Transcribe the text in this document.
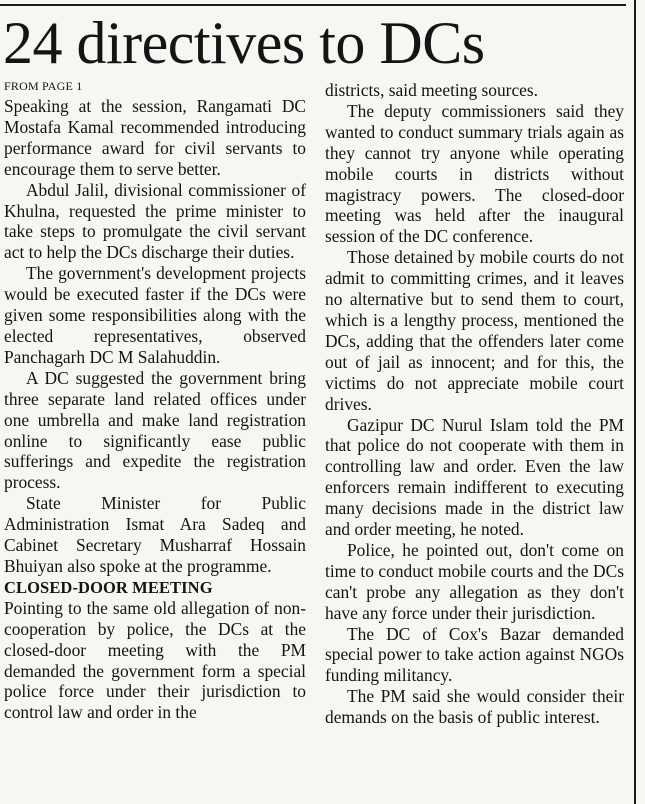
24 directives to DCs

FROM PAGE 1

Speaking at the session, Rangamati DC Mostafa Kamal recommended introducing performance award for civil servants to encourage them to serve better.

Abdul Jalil, divisional commissioner of Khulna, requested the prime minister to take steps to promulgate the civil servant act to help the DCs discharge their duties.

The government's development projects would be executed faster if the DCs were given some responsibilities along with the elected representatives, observed Panchagarh DC M Salahuddin.

A DC suggested the government bring three separate land related offices under one umbrella and make land registration online to significantly ease public sufferings and expedite the registration process.

State Minister for Public Administration Ismat Ara Sadeq and Cabinet Secretary Musharraf Hossain Bhuiyan also spoke at the programme.

CLOSED-DOOR MEETING

Pointing to the same old allegation of non-cooperation by police, the DCs at the closed-door meeting with the PM demanded the government form a special police force under their jurisdiction to control law and order in the

districts, said meeting sources.

The deputy commissioners said they wanted to conduct summary trials again as they cannot try anyone while operating mobile courts in districts without magistracy powers. The closed-door meeting was held after the inaugural session of the DC conference.

Those detained by mobile courts do not admit to committing crimes, and it leaves no alternative but to send them to court, which is a lengthy process, mentioned the DCs, adding that the offenders later come out of jail as innocent; and for this, the victims do not appreciate mobile court drives.

Gazipur DC Nurul Islam told the PM that police do not cooperate with them in controlling law and order. Even the law enforcers remain indifferent to executing many decisions made in the district law and order meeting, he noted.

Police, he pointed out, don't come on time to conduct mobile courts and the DCs can't probe any allegation as they don't have any force under their jurisdiction.

The DC of Cox's Bazar demanded special power to take action against NGOs funding militancy.

The PM said she would consider their demands on the basis of public interest.
